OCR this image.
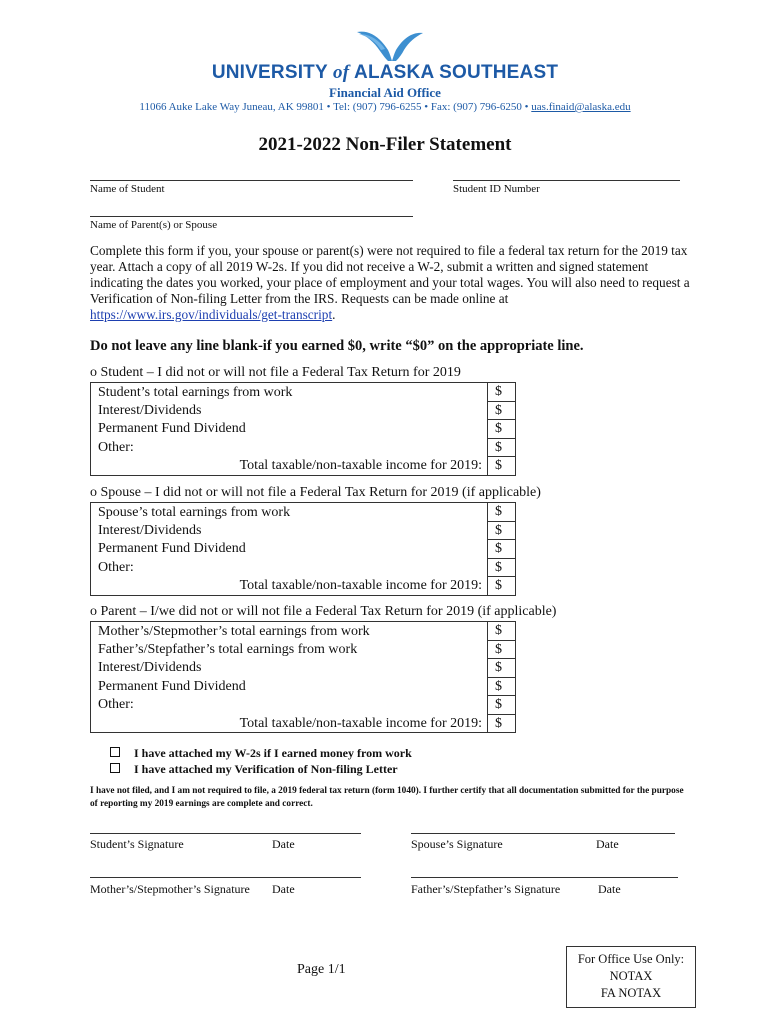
UNIVERSITY of ALASKA SOUTHEAST
Financial Aid Office
11066 Auke Lake Way Juneau, AK 99801 • Tel: (907) 796-6255 • Fax: (907) 796-6250 • uas.finaid@alaska.edu
2021-2022 Non-Filer Statement
Name of Student	Student ID Number
Name of Parent(s) or Spouse
Complete this form if you, your spouse or parent(s) were not required to file a federal tax return for the 2019 tax year. Attach a copy of all 2019 W-2s. If you did not receive a W-2, submit a written and signed statement indicating the dates you worked, your place of employment and your total wages. You will also need to request a Verification of Non-filing Letter from the IRS. Requests can be made online at https://www.irs.gov/individuals/get-transcript.
Do not leave any line blank-if you earned $0, write “$0” on the appropriate line.
o Student – I did not or will not file a Federal Tax Return for 2019
Student’s total earnings from work	$
Interest/Dividends	$
Permanent Fund Dividend	$
Other:	$
Total taxable/non-taxable income for 2019:	$
o Spouse – I did not or will not file a Federal Tax Return for 2019 (if applicable)
Spouse’s total earnings from work	$
Interest/Dividends	$
Permanent Fund Dividend	$
Other:	$
Total taxable/non-taxable income for 2019:	$
o Parent – I/we did not or will not file a Federal Tax Return for 2019 (if applicable)
Mother’s/Stepmother’s total earnings from work	$
Father’s/Stepfather’s total earnings from work	$
Interest/Dividends	$
Permanent Fund Dividend	$
Other:	$
Total taxable/non-taxable income for 2019:	$
I have attached my W-2s if I earned money from work
I have attached my Verification of Non-filing Letter
I have not filed, and I am not required to file, a 2019 federal tax return (form 1040). I further certify that all documentation submitted for the purpose of reporting my 2019 earnings are complete and correct.
Student’s Signature	Date	Spouse’s Signature	Date
Mother’s/Stepmother’s Signature Date	Father’s/Stepfather’s Signature	Date
Page 1/1
For Office Use Only:
NOTAX
FA NOTAX
